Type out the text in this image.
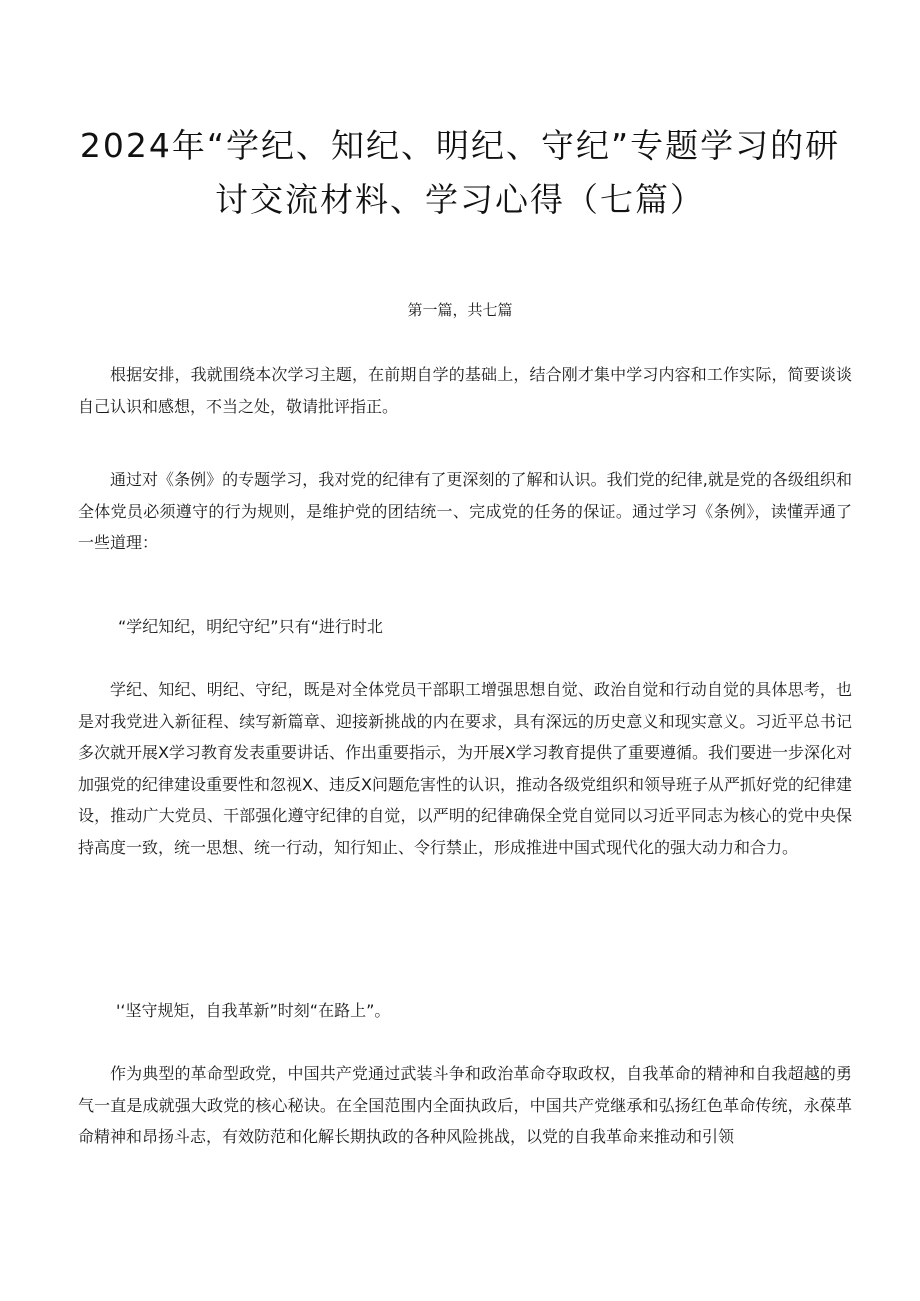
2024年“学纪、知纪、明纪、守纪”专题学习的研
讨交流材料、学习心得（七篇）

第一篇，共七篇

根据安排，我就围绕本次学习主题，在前期自学的基础上，结合刚才集中学习内容和工作实际，简要谈谈自己认识和感想，不当之处，敬请批评指正。

通过对《条例》的专题学习，我对党的纪律有了更深刻的了解和认识。我们党的纪律,就是党的各级组织和全体党员必须遵守的行为规则，是维护党的团结统一、完成党的任务的保证。通过学习《条例》，读懂弄通了一些道理：

“学纪知纪，明纪守纪”只有“进行时北

学纪、知纪、明纪、守纪，既是对全体党员干部职工增强思想自觉、政治自觉和行动自觉的具体思考，也是对我党进入新征程、续写新篇章、迎接新挑战的内在要求，具有深远的历史意义和现实意义。习近平总书记多次就开展X学习教育发表重要讲话、作出重要指示，为开展X学习教育提供了重要遵循。我们要进一步深化对加强党的纪律建设重要性和忽视X、违反X问题危害性的认识，推动各级党组织和领导班子从严抓好党的纪律建设，推动广大党员、干部强化遵守纪律的自觉，以严明的纪律确保全党自觉同以习近平同志为核心的党中央保持高度一致，统一思想、统一行动，知行知止、令行禁止，形成推进中国式现代化的强大动力和合力。

'‘坚守规矩，自我革新”时刻“在路上”。

作为典型的革命型政党，中国共产党通过武装斗争和政治革命夺取政权，自我革命的精神和自我超越的勇气一直是成就强大政党的核心秘诀。在全国范围内全面执政后，中国共产党继承和弘扬红色革命传统，永葆革命精神和昂扬斗志，有效防范和化解长期执政的各种风险挑战，以党的自我革命来推动和引领
